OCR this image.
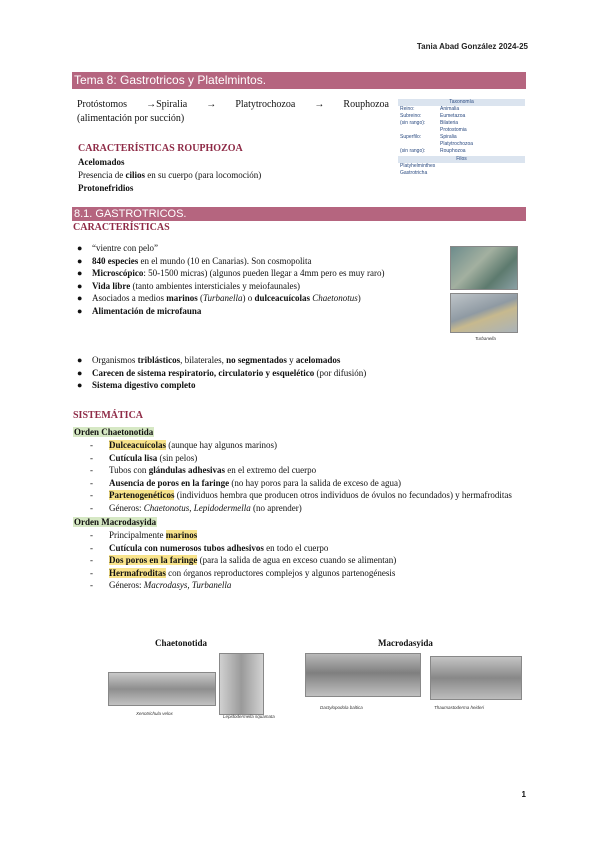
Tania Abad González 2024-25
Tema 8: Gastrotricos y Platelmintos.
Protóstomos →Spiralia → Platytrochozoa → Rouphozoa
(alimentación por succión)
CARACTERÍSTICAS ROUPHOZOA
Acelomados
Presencia de cilios en su cuerpo (para locomoción)
Protonefridios
Taxonomía
Reino:	Animalia
Subreino:	Eumetazoa
(sin rango):	Bilateria
Protostomia
Superfilo:	Spiralia
Platytrochozoa
(sin rango):	Rouphozoa
Filos
Platyhelminthes
Gastrotricha
8.1. GASTROTRICOS.
CARACTERÍSTICAS
● “vientre con pelo”
● 840 especies en el mundo (10 en Canarias). Son cosmopolita
● Microscópico: 50-1500 micras) (algunos pueden llegar a 4mm pero es muy raro)
● Vida libre (tanto ambientes intersticiales y meiofaunales)
● Asociados a medios marinos (Turbanella) o dulceacuícolas Chaetonotus)
● Alimentación de microfauna
● Organismos triblásticos, bilaterales, no segmentados y acelomados
● Carecen de sistema respiratorio, circulatorio y esquelético (por difusión)
● Sistema digestivo completo
Turbanella
SISTEMÁTICA
Orden Chaetonotida
- Dulceacuícolas (aunque hay algunos marinos)
- Cutícula lisa (sin pelos)
- Tubos con glándulas adhesivas en el extremo del cuerpo
- Ausencia de poros en la faringe (no hay poros para la salida de exceso de agua)
- Partenogenéticos (individuos hembra que producen otros individuos de óvulos no fecundados) y hermafroditas
- Géneros: Chaetonotus, Lepidodermella (no aprender)
Orden Macrodasyida
- Principalmente marinos
- Cutícula con numerosos tubos adhesivos en todo el cuerpo
- Dos poros en la faringe (para la salida de agua en exceso cuando se alimentan)
- Hermafroditas con órganos reproductores complejos y algunos partenogénesis
- Géneros: Macrodasys, Turbanella
Chaetonotida	Macrodasyida
Xenotrichula velox
Lepidodermella squamata
Dactylopodola baltica	Thaumastoderma heideri
1
